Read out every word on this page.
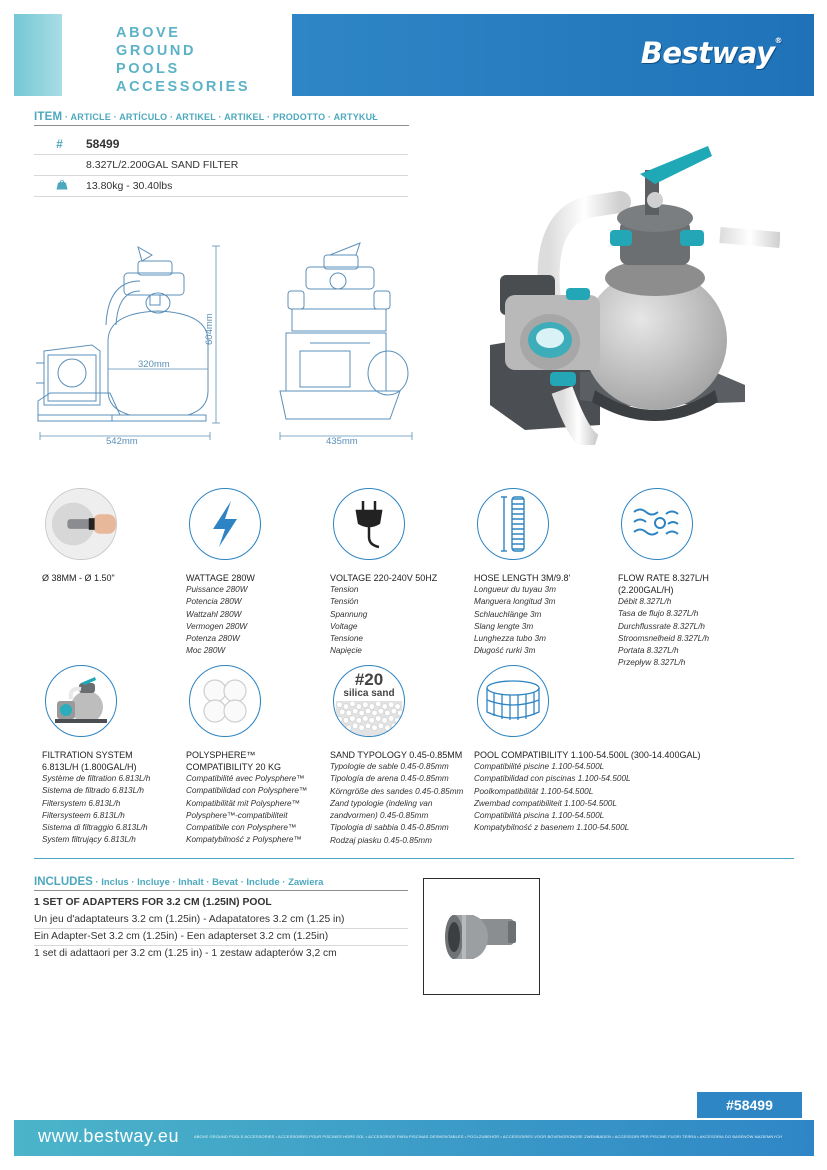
Bestway®
ABOVE
GROUND
POOLS
ACCESSORIES
ITEM · ARTICLE · ARTÍCULO · ARTIKEL · ARTIKEL · PRODOTTO · ARTYKUŁ
# 58499
8.327L/2.200GAL SAND FILTER
13.80kg - 30.40lbs
542mm	435mm
320mm
604mm
Ø 38MM - Ø 1.50"	WATTAGE 280W
Puissance 280W
Potencia 280W
Wattzahl 280W
Vermogen 280W
Potenza 280W
Moc 280W
VOLTAGE 220-240V 50HZ
Tension
Tensión
Spannung
Voltage
Tensione
Napięcie
HOSE LENGTH 3M/9.8'
Longueur du tuyau 3m
Manguera longitud 3m
Schlauchlänge 3m
Slang lengte 3m
Lunghezza tubo 3m
Długość rurki 3m
FLOW RATE 8.327L/H (2.200GAL/H)
Débit 8.327L/h
Tasa de flujo 8.327L/h
Durchflussrate 8.327L/h
Stroomsnelheid 8.327L/h
Portata 8.327L/h
Przepływ 8.327L/h
FILTRATION SYSTEM
6.813L/H (1.800GAL/H)
Système de filtration 6.813L/h
Sistema de filtrado 6.813L/h
Filtersystem 6.813L/h
Filtersysteem 6.813L/h
Sistema di filtraggio 6.813L/h
System filtrujący 6.813L/h
POLYSPHERE™
COMPATIBILITY 20 KG
Compatibilité avec Polysphere™
Compatibilidad con Polysphere™
Kompatibilität mit Polysphere™
Polysphere™-compatibiliteit
Compatibile con Polysphere™
Kompatybilność z Polysphere™
#20
silica sand
SAND TYPOLOGY 0.45-0.85MM
Typologie de sable 0.45-0.85mm
Tipología de arena 0.45-0.85mm
Körngröße des sandes 0.45-0.85mm
Zand typologie (indeling van
zandvormen) 0.45-0.85mm
Tipologia di sabbia 0.45-0.85mm
Rodzaj piasku 0.45-0.85mm
POOL COMPATIBILITY 1.100-54.500L (300-14.400GAL)
Compatibilité piscine 1.100-54.500L
Compatibilidad con piscinas 1.100-54.500L
Poolkompatibilität 1.100-54.500L
Zwembad compatibiliteit 1.100-54.500L
Compatibilità piscina 1.100-54.500L
Kompatybilność z basenem 1.100-54.500L
INCLUDES · Inclus · Incluye · Inhalt · Bevat · Include · Zawiera
1 SET OF ADAPTERS FOR 3.2 CM (1.25IN) POOL
Un jeu d'adaptateurs 3.2 cm (1.25in) - Adapatatores 3.2 cm (1.25 in)
Ein Adapter-Set 3.2 cm (1.25in) - Een adapterset 3.2 cm (1.25in)
1 set di adattaori per 3.2 cm (1.25 in) - 1 zestaw adapterów 3,2 cm
#58499
www.bestway.eu	ABOVE GROUND POOLS ACCESSORIES • ACCESSOIRES POUR PISCINES HORS SOL • ACCESORIOS PARA PISCINAS DESMONTABLES • POOLZUBEHÖR • ACCESSOIRES VOOR BOVENGRONDSE ZWEMBADEN • ACCESSORI PER PISCINE FUORI TERRA • AKCESORIA DO BASENÓW NAZIEMNYCH
